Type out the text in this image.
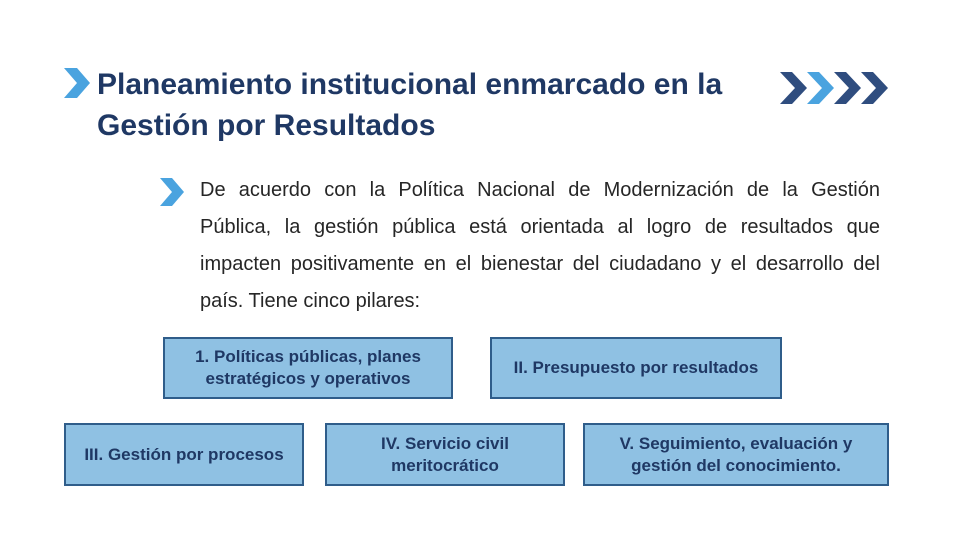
Planeamiento institucional enmarcado en la Gestión por Resultados

De acuerdo con la Política Nacional de Modernización de la Gestión Pública, la gestión pública está orientada al logro de resultados que impacten positivamente en el bienestar del ciudadano y el desarrollo del país. Tiene cinco pilares:

1. Políticas públicas, planes estratégicos y operativos
II. Presupuesto por resultados
III. Gestión por procesos
IV. Servicio civil meritocrático
V. Seguimiento, evaluación y gestión del conocimiento.
